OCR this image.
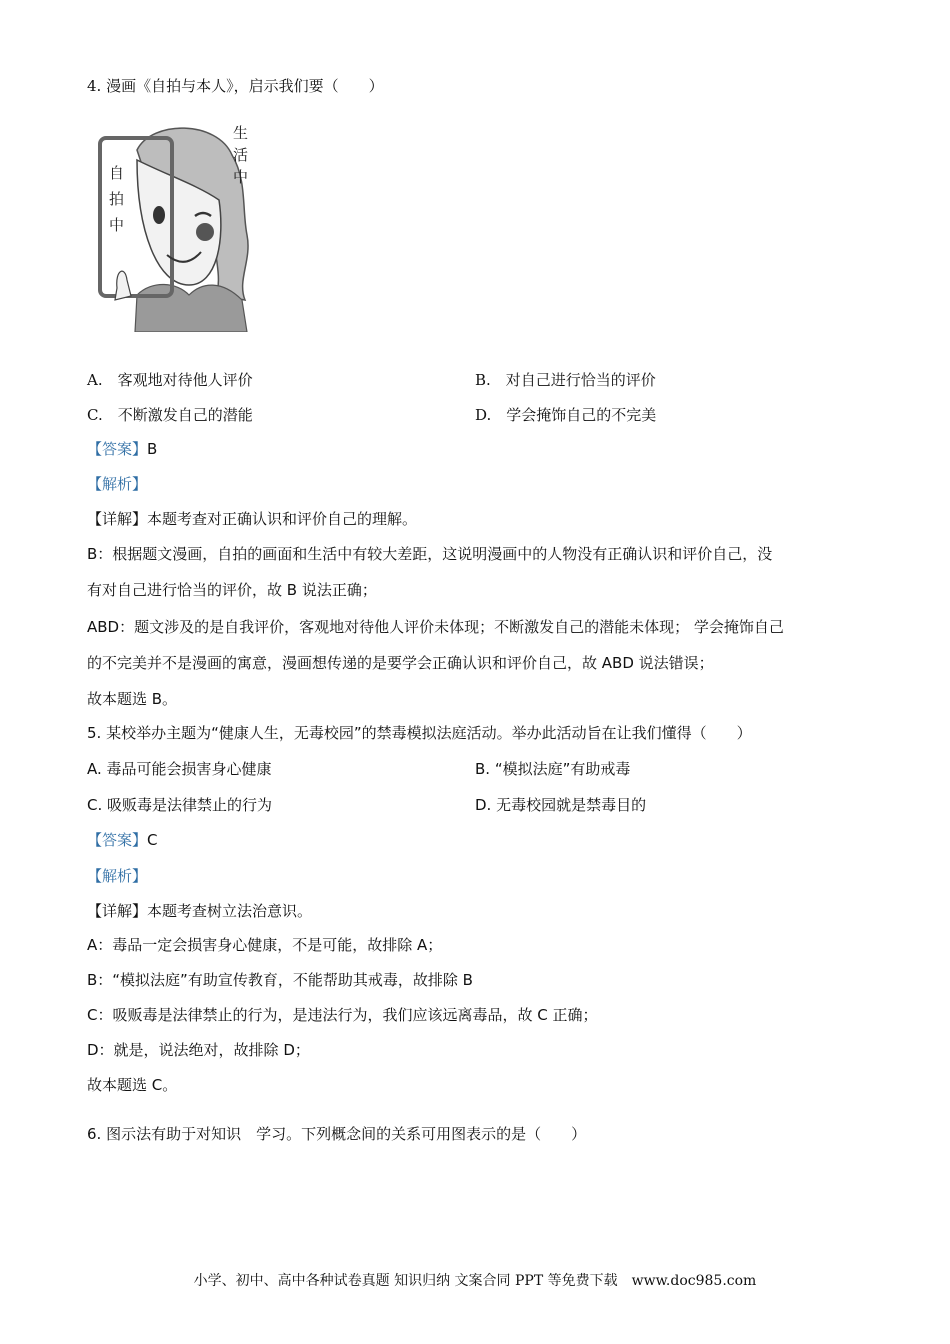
4. 漫画《自拍与本人》，启示我们要（　　）
自 拍 中
生 活 中
A.　客观地对待他人评价	B.　对自己进行恰当的评价
C.　不断激发自己的潜能	D.　学会掩饰自己的不完美
【答案】B
【解析】
【详解】本题考查对正确认识和评价自己的理解。
B：根据题文漫画，自拍的画面和生活中有较大差距，这说明漫画中的人物没有正确认识和评价自己，没
有对自己进行恰当的评价，故 B 说法正确；
ABD：题文涉及的是自我评价，客观地对待他人评价未体现；不断激发自己的潜能未体现； 学会掩饰自己
的不完美并不是漫画的寓意，漫画想传递的是要学会正确认识和评价自己，故 ABD 说法错误；
故本题选 B。
5. 某校举办主题为“健康人生，无毒校园”的禁毒模拟法庭活动。举办此活动旨在让我们懂得（　　）
A. 毒品可能会损害身心健康	B. “模拟法庭”有助戒毒
C. 吸贩毒是法律禁止的行为	D. 无毒校园就是禁毒目的
【答案】C
【解析】
【详解】本题考查树立法治意识。
A：毒品一定会损害身心健康，不是可能，故排除 A；
B：“模拟法庭”有助宣传教育，不能帮助其戒毒，故排除 B
C：吸贩毒是法律禁止的行为，是违法行为，我们应该远离毒品，故 C 正确；
D：就是，说法绝对，故排除 D；
故本题选 C。
6. 图示法有助于对知识　学习。下列概念间的关系可用图表示的是（　　）
小学、初中、高中各种试卷真题 知识归纳 文案合同 PPT 等免费下载　www.doc985.com
